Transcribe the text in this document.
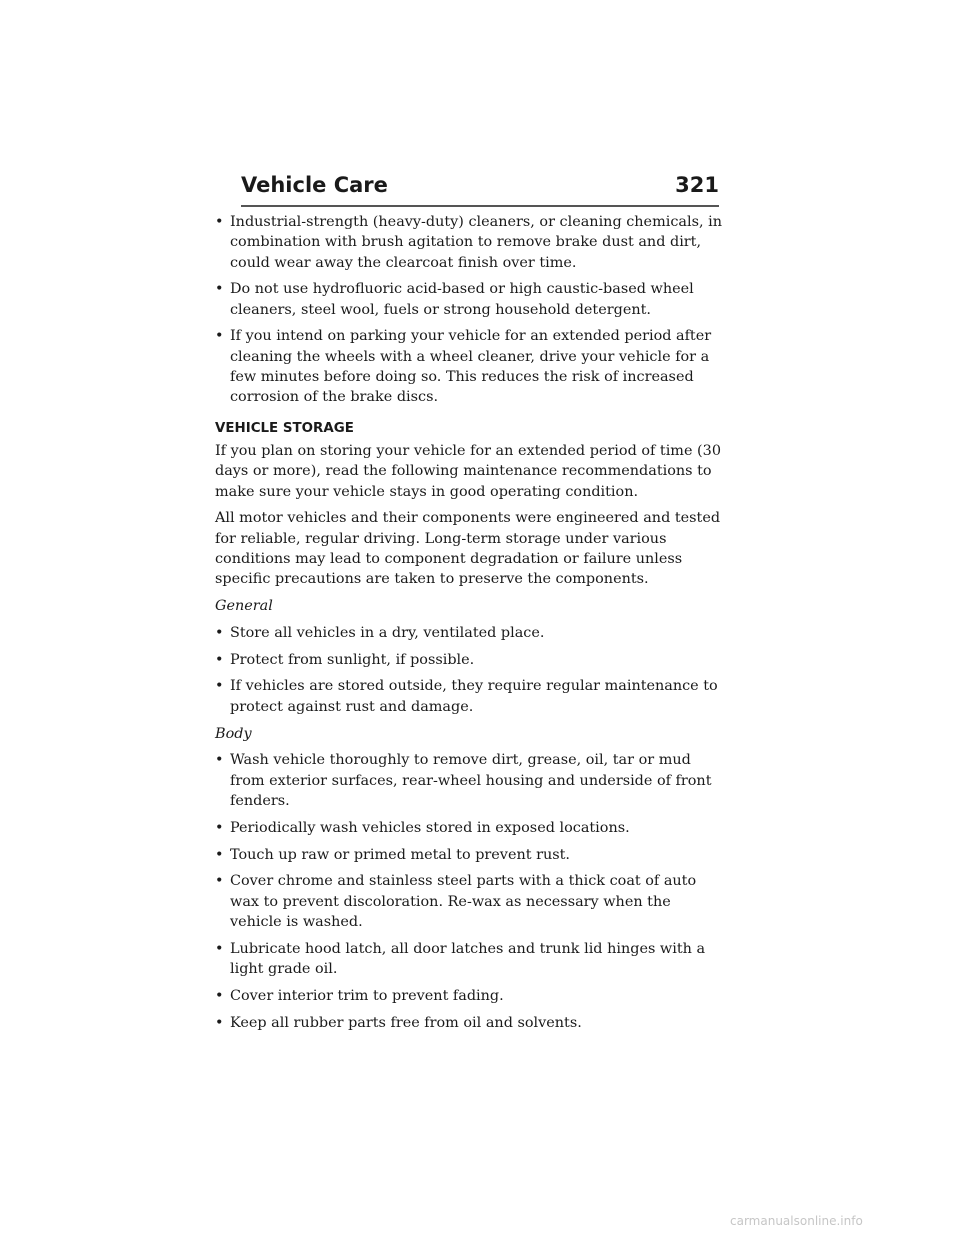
Vehicle Care	321
• Industrial-strength (heavy-duty) cleaners, or cleaning chemicals, in combination with brush agitation to remove brake dust and dirt, could wear away the clearcoat finish over time.
• Do not use hydrofluoric acid-based or high caustic-based wheel cleaners, steel wool, fuels or strong household detergent.
• If you intend on parking your vehicle for an extended period after cleaning the wheels with a wheel cleaner, drive your vehicle for a few minutes before doing so. This reduces the risk of increased corrosion of the brake discs.
VEHICLE STORAGE
If you plan on storing your vehicle for an extended period of time (30 days or more), read the following maintenance recommendations to make sure your vehicle stays in good operating condition.
All motor vehicles and their components were engineered and tested for reliable, regular driving. Long-term storage under various conditions may lead to component degradation or failure unless specific precautions are taken to preserve the components.
General
• Store all vehicles in a dry, ventilated place.
• Protect from sunlight, if possible.
• If vehicles are stored outside, they require regular maintenance to protect against rust and damage.
Body
• Wash vehicle thoroughly to remove dirt, grease, oil, tar or mud from exterior surfaces, rear-wheel housing and underside of front fenders.
• Periodically wash vehicles stored in exposed locations.
• Touch up raw or primed metal to prevent rust.
• Cover chrome and stainless steel parts with a thick coat of auto wax to prevent discoloration. Re-wax as necessary when the vehicle is washed.
• Lubricate hood latch, all door latches and trunk lid hinges with a light grade oil.
• Cover interior trim to prevent fading.
• Keep all rubber parts free from oil and solvents.
carmanualsonline.info
